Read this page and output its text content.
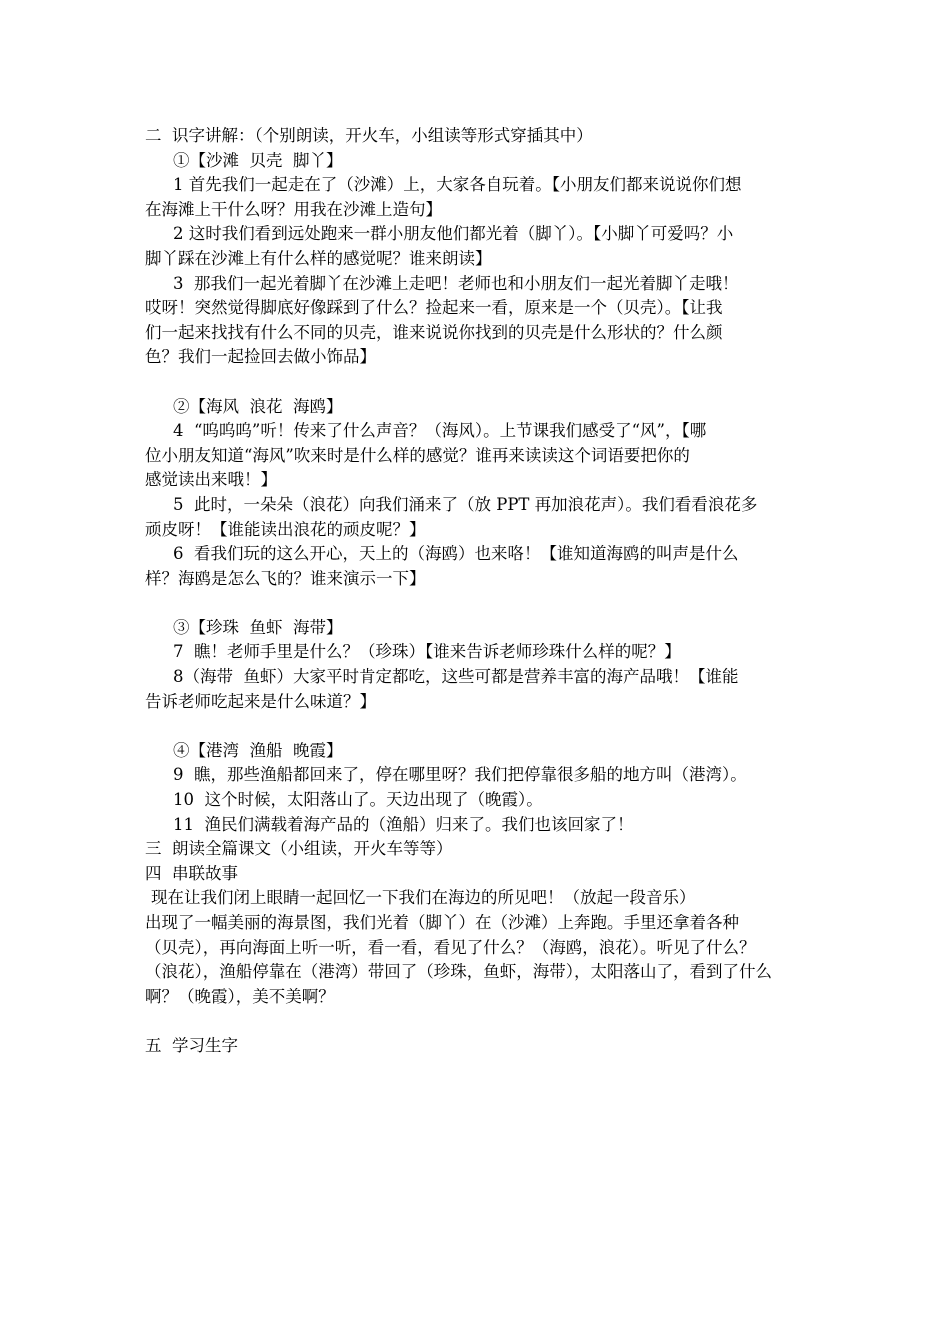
二  识字讲解：（个别朗读，开火车，小组读等形式穿插其中）

①【沙滩  贝壳  脚丫】

1 首先我们一起走在了（沙滩）上，大家各自玩着。【小朋友们都来说说你们想

在海滩上干什么呀？用我在沙滩上造句】

2 这时我们看到远处跑来一群小朋友他们都光着（脚丫）。【小脚丫可爱吗？小

脚丫踩在沙滩上有什么样的感觉呢？谁来朗读】

3  那我们一起光着脚丫在沙滩上走吧！老师也和小朋友们一起光着脚丫走哦！

哎呀！突然觉得脚底好像踩到了什么？捡起来一看，原来是一个（贝壳）。【让我

们一起来找找有什么不同的贝壳，谁来说说你找到的贝壳是什么形状的？什么颜

色？我们一起捡回去做小饰品】

②【海风  浪花  海鸥】

4  “呜呜呜”听！传来了什么声音？（海风）。上节课我们感受了“风”，【哪

位小朋友知道“海风”吹来时是什么样的感觉？谁再来读读这个词语要把你的

感觉读出来哦！】

5  此时，一朵朵（浪花）向我们涌来了（放 PPT 再加浪花声）。我们看看浪花多

顽皮呀！【谁能读出浪花的顽皮呢？】

6  看我们玩的这么开心，天上的（海鸥）也来咯！【谁知道海鸥的叫声是什么

样？海鸥是怎么飞的？谁来演示一下】

③【珍珠  鱼虾  海带】

7  瞧！老师手里是什么？（珍珠）【谁来告诉老师珍珠什么样的呢？】

8（海带  鱼虾）大家平时肯定都吃，这些可都是营养丰富的海产品哦！【谁能

告诉老师吃起来是什么味道？】

④【港湾  渔船  晚霞】

9  瞧，那些渔船都回来了，停在哪里呀？我们把停靠很多船的地方叫（港湾）。

10  这个时候，太阳落山了。天边出现了（晚霞）。

11  渔民们满载着海产品的（渔船）归来了。我们也该回家了！

三  朗读全篇课文（小组读，开火车等等）

四  串联故事

现在让我们闭上眼睛一起回忆一下我们在海边的所见吧！（放起一段音乐）

出现了一幅美丽的海景图，我们光着（脚丫）在（沙滩）上奔跑。手里还拿着各种

（贝壳），再向海面上听一听，看一看，看见了什么？（海鸥，浪花）。听见了什么？

（浪花），渔船停靠在（港湾）带回了（珍珠，鱼虾，海带），太阳落山了，看到了什么

啊？（晚霞），美不美啊？

五  学习生字
